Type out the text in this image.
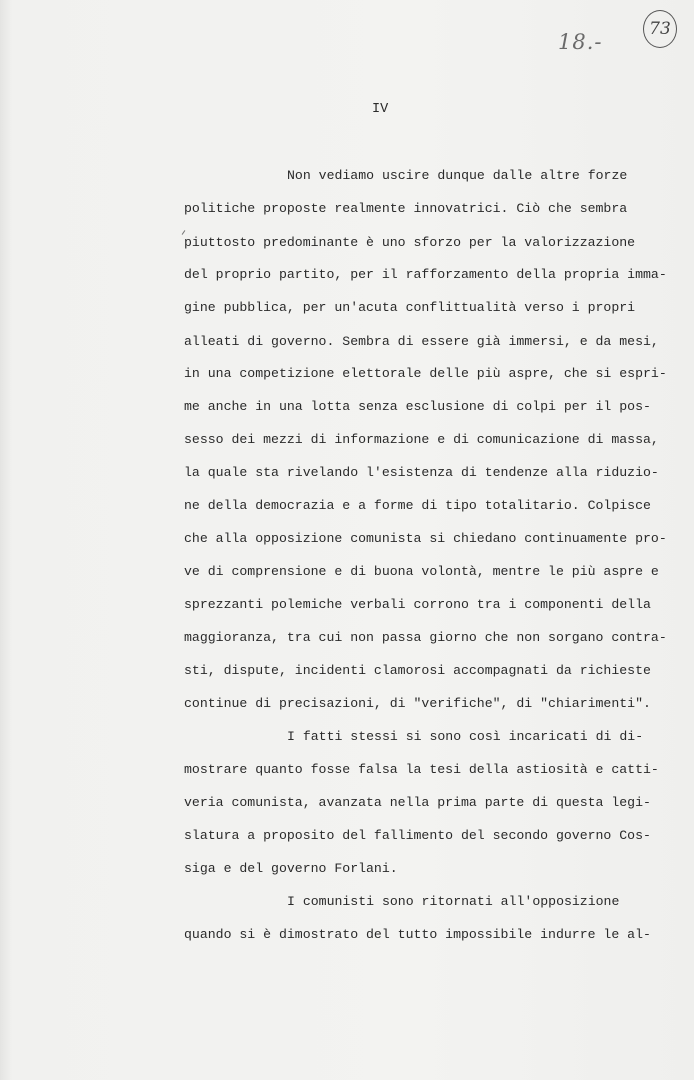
18.-
73
IV
Non vediamo uscire dunque dalle altre forze
politiche proposte realmente innovatrici. Ciò che sembra
piuttosto predominante è uno sforzo per la valorizzazione
del proprio partito, per il rafforzamento della propria imma-
gine pubblica, per un'acuta conflittualità verso i propri
alleati di governo. Sembra di essere già immersi, e da mesi,
in una competizione elettorale delle più aspre, che si espri-
me anche in una lotta senza esclusione di colpi per il pos-
sesso dei mezzi di informazione e di comunicazione di massa,
la quale sta rivelando l'esistenza di tendenze alla riduzio-
ne della democrazia e a forme di tipo totalitario. Colpisce
che alla opposizione comunista si chiedano continuamente pro-
ve di comprensione e di buona volontà, mentre le più aspre e
sprezzanti polemiche verbali corrono tra i componenti della
maggioranza, tra cui non passa giorno che non sorgano contra-
sti, dispute, incidenti clamorosi accompagnati da richieste
continue di precisazioni, di "verifiche", di "chiarimenti".
I fatti stessi si sono così incaricati di di-
mostrare quanto fosse falsa la tesi della astiosità e catti-
veria comunista, avanzata nella prima parte di questa legi-
slatura a proposito del fallimento del secondo governo Cos-
siga e del governo Forlani.
I comunisti sono ritornati all'opposizione
quando si è dimostrato del tutto impossibile indurre le al-
